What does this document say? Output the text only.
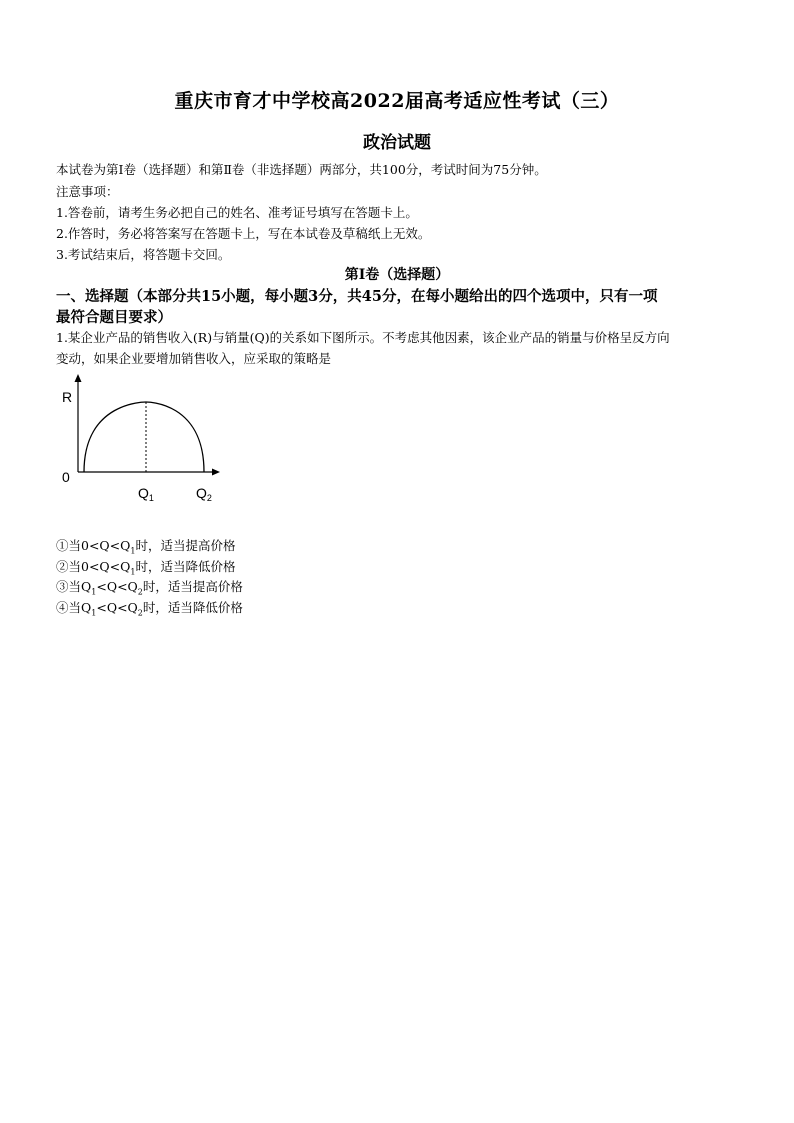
重庆市育才中学校高2022届高考适应性考试（三）
政治试题
本试卷为第Ⅰ卷（选择题）和第Ⅱ卷（非选择题）两部分，共100分，考试时间为75分钟。
注意事项：
1.答卷前，请考生务必把自己的姓名、准考证号填写在答题卡上。
2.作答时，务必将答案写在答题卡上，写在本试卷及草稿纸上无效。
3.考试结束后，将答题卡交回。
第Ⅰ卷（选择题）
一、选择题（本部分共15小题，每小题3分，共45分，在每小题给出的四个选项中，只有一项
最符合题目要求）
1.某企业产品的销售收入(R)与销量(Q)的关系如下图所示。不考虑其他因素，该企业产品的销量与价格呈反方向
变动，如果企业要增加销售收入，应采取的策略是
R
0
$Q_1$	$Q_2$
①当$0<Q<Q_1$时，适当提高价格
②当$0<Q<Q_1$时，适当降低价格
③当$Q_1<Q<Q_2$时，适当提高价格
④当$Q_1<Q<Q_2$时，适当降低价格
